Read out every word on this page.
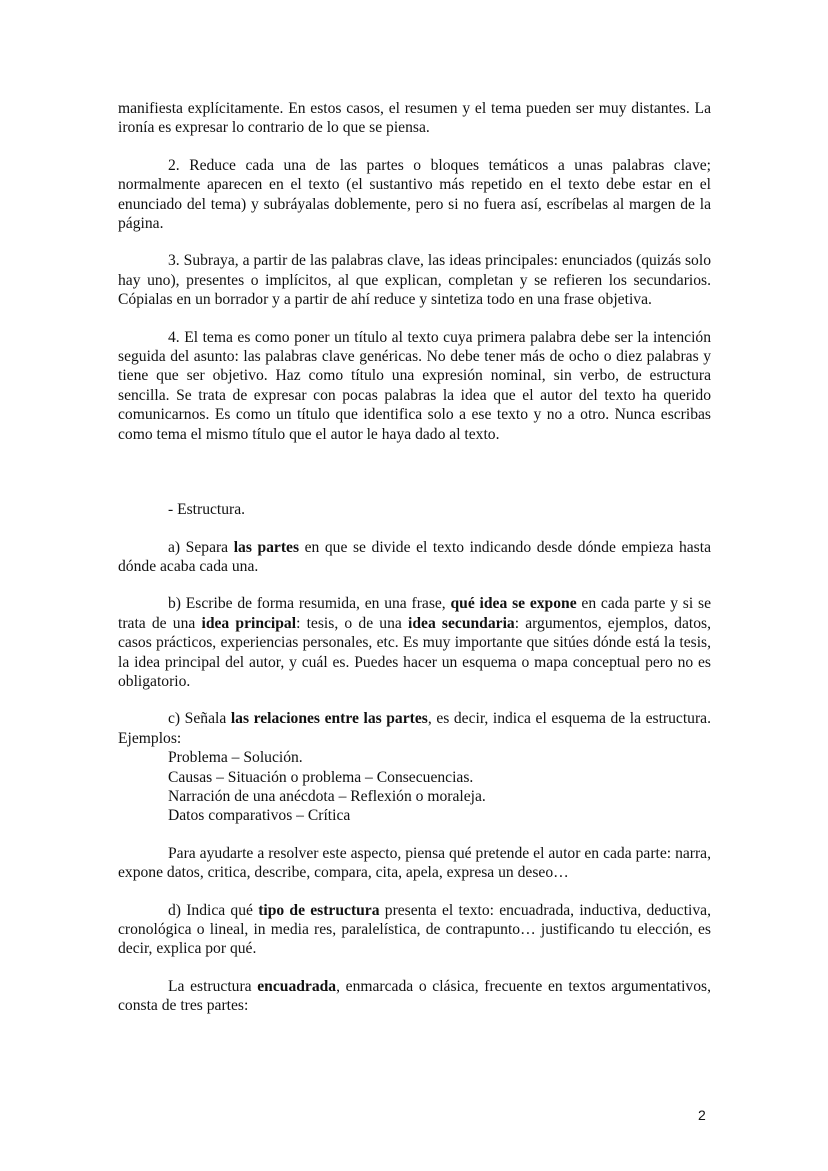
manifiesta explícitamente. En estos casos, el resumen y el tema pueden ser muy distantes. La ironía es expresar lo contrario de lo que se piensa.

2. Reduce cada una de las partes o bloques temáticos a unas palabras clave; normalmente aparecen en el texto (el sustantivo más repetido en el texto debe estar en el enunciado del tema) y subráyalas doblemente, pero si no fuera así, escríbelas al margen de la página.

3. Subraya, a partir de las palabras clave, las ideas principales: enunciados (quizás solo hay uno), presentes o implícitos, al que explican, completan y se refieren los secundarios. Cópialas en un borrador y a partir de ahí reduce y sintetiza todo en una frase objetiva.

4. El tema es como poner un título al texto cuya primera palabra debe ser la intención seguida del asunto: las palabras clave genéricas. No debe tener más de ocho o diez palabras y tiene que ser objetivo. Haz como título una expresión nominal, sin verbo, de estructura sencilla. Se trata de expresar con pocas palabras la idea que el autor del texto ha querido comunicarnos. Es como un título que identifica solo a ese texto y no a otro. Nunca escribas como tema el mismo título que el autor le haya dado al texto.

- Estructura.

a) Separa las partes en que se divide el texto indicando desde dónde empieza hasta dónde acaba cada una.

b) Escribe de forma resumida, en una frase, qué idea se expone en cada parte y si se trata de una idea principal: tesis, o de una idea secundaria: argumentos, ejemplos, datos, casos prácticos, experiencias personales, etc. Es muy importante que sitúes dónde está la tesis, la idea principal del autor, y cuál es. Puedes hacer un esquema o mapa conceptual pero no es obligatorio.

c) Señala las relaciones entre las partes, es decir, indica el esquema de la estructura. Ejemplos:

Problema – Solución.
Causas – Situación o problema – Consecuencias.
Narración de una anécdota – Reflexión o moraleja.
Datos comparativos – Crítica

Para ayudarte a resolver este aspecto, piensa qué pretende el autor en cada parte: narra, expone datos, critica, describe, compara, cita, apela, expresa un deseo…

d) Indica qué tipo de estructura presenta el texto: encuadrada, inductiva, deductiva, cronológica o lineal, in media res, paralelística, de contrapunto… justificando tu elección, es decir, explica por qué.

La estructura encuadrada, enmarcada o clásica, frecuente en textos argumentativos, consta de tres partes:

2
